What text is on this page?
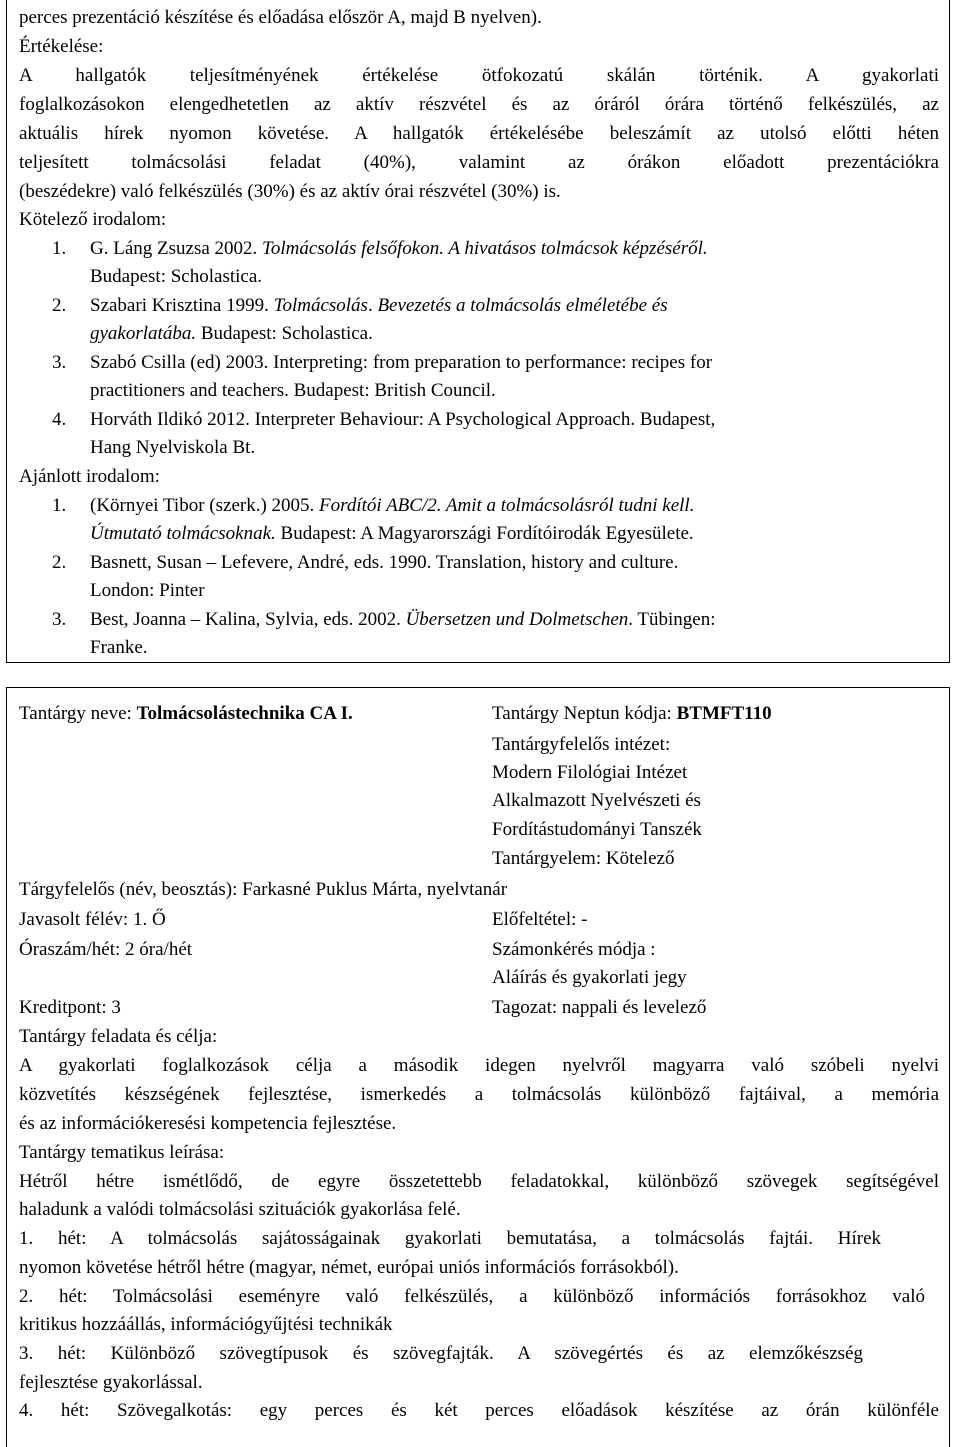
perces prezentáció készítése és előadása először A, majd B nyelven).
Értékelése:
A hallgatók teljesítményének értékelése ötfokozatú skálán történik. A gyakorlati
foglalkozásokon elengedhetetlen az aktív részvétel és az óráról órára történő felkészülés, az
aktuális hírek nyomon követése. A hallgatók értékelésébe beleszámít az utolsó előtti héten
teljesített tolmácsolási feladat (40%), valamint az órákon előadott prezentációkra
(beszédekre) való felkészülés (30%) és az aktív órai részvétel (30%) is.
Kötelező irodalom:
1. G. Láng Zsuzsa 2002. Tolmácsolás felsőfokon. A hivatásos tolmácsok képzéséről.
Budapest: Scholastica.
2. Szabari Krisztina 1999. Tolmácsolás. Bevezetés a tolmácsolás elméletébe és
gyakorlatába. Budapest: Scholastica.
3. Szabó Csilla (ed) 2003. Interpreting: from preparation to performance: recipes for
practitioners and teachers. Budapest: British Council.
4. Horváth Ildikó 2012. Interpreter Behaviour: A Psychological Approach. Budapest,
Hang Nyelviskola Bt.
Ajánlott irodalom:
1. (Környei Tibor (szerk.) 2005. Fordítói ABC/2. Amit a tolmácsolásról tudni kell.
Útmutató tolmácsoknak. Budapest: A Magyarországi Fordítóirodák Egyesülete.
2. Basnett, Susan – Lefevere, André, eds. 1990. Translation, history and culture.
London: Pinter
3. Best, Joanna – Kalina, Sylvia, eds. 2002. Übersetzen und Dolmetschen. Tübingen:
Franke.
Tantárgy neve: Tolmácsolástechnika CA I.	Tantárgy Neptun kódja: BTMFT110
Tantárgyfelelős intézet:
Modern Filológiai Intézet
Alkalmazott Nyelvészeti és
Fordítástudományi Tanszék
Tantárgyelem: Kötelező
Tárgyfelelős (név, beosztás): Farkasné Puklus Márta, nyelvtanár
Javasolt félév: 1. Ő	Előfeltétel: -
Óraszám/hét: 2 óra/hét	Számonkérés módja :
Aláírás és gyakorlati jegy
Kreditpont: 3	Tagozat: nappali és levelező
Tantárgy feladata és célja:
A gyakorlati foglalkozások célja a második idegen nyelvről magyarra való szóbeli nyelvi
közvetítés készségének fejlesztése, ismerkedés a tolmácsolás különböző fajtáival, a memória
és az információkeresési kompetencia fejlesztése.
Tantárgy tematikus leírása:
Hétről hétre ismétlődő, de egyre összetettebb feladatokkal, különböző szövegek segítségével
haladunk a valódi tolmácsolási szituációk gyakorlása felé.
1. hét: A tolmácsolás sajátosságainak gyakorlati bemutatása, a tolmácsolás fajtái. Hírek
nyomon követése hétről hétre (magyar, német, európai uniós információs forrásokból).
2. hét: Tolmácsolási eseményre való felkészülés, a különböző információs forrásokhoz való
kritikus hozzáállás, információgyűjtési technikák
3. hét: Különböző szövegtípusok és szövegfajták. A szövegértés és az elemzőkészség
fejlesztése gyakorlással.
4. hét: Szövegalkotás: egy perces és két perces előadások készítése az órán különféle
